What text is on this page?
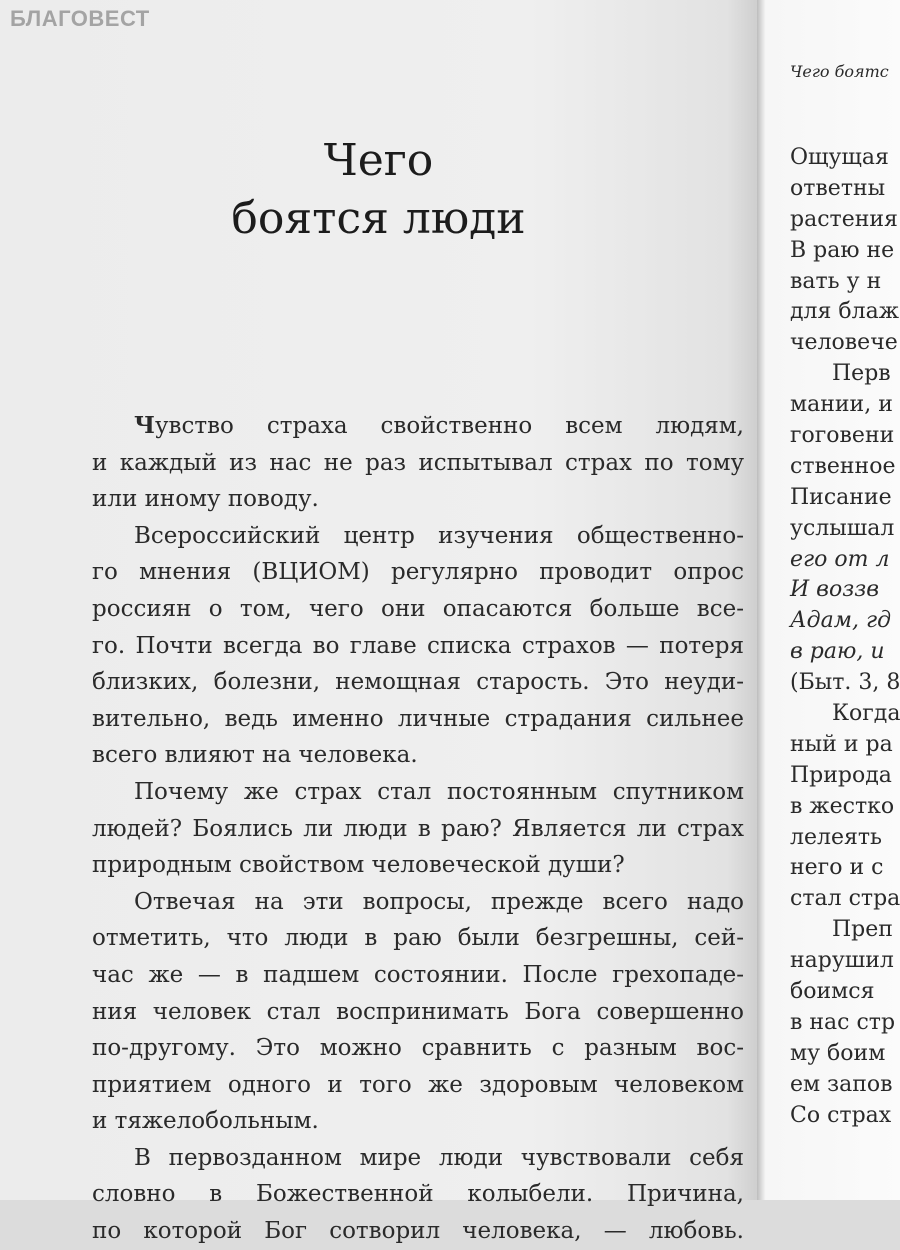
БЛАГОВЕСТ
Чего
боятся люди

Чувство страха свойственно всем людям,
и каждый из нас не раз испытывал страх по тому
или иному поводу.

Всероссийский центр изучения общественно-
го мнения (ВЦИОМ) регулярно проводит опрос
россиян о том, чего они опасаются больше все-
го. Почти всегда во главе списка страхов — потеря
близких, болезни, немощная старость. Это неуди-
вительно, ведь именно личные страдания сильнее
всего влияют на человека.

Почему же страх стал постоянным спутником
людей? Боялись ли люди в раю? Является ли страх
природным свойством человеческой души?

Отвечая на эти вопросы, прежде всего надо
отметить, что люди в раю были безгрешны, сей-
час же — в падшем состоянии. После грехопаде-
ния человек стал воспринимать Бога совершенно
по-другому. Это можно сравнить с разным вос-
приятием одного и того же здоровым человеком
и тяжелобольным.

В первозданном мире люди чувствовали себя
словно в Божественной колыбели. Причина,
по которой Бог сотворил человека, — любовь.

Чего боятс
Ощущая
ответны
растения
В раю не
вать у н
для блаж
человече
Перв
мании, и
гоговени
ственное
Писание
услышал
его от л
И воззв
Адам, гд
в раю, и
(Быт. 3, 8
Когда
ный и ра
Природа
в жестко
лелеять
него и с
стал стра
Преп
нарушил
боимся
в нас стр
му боим
ем запов
Со страх
